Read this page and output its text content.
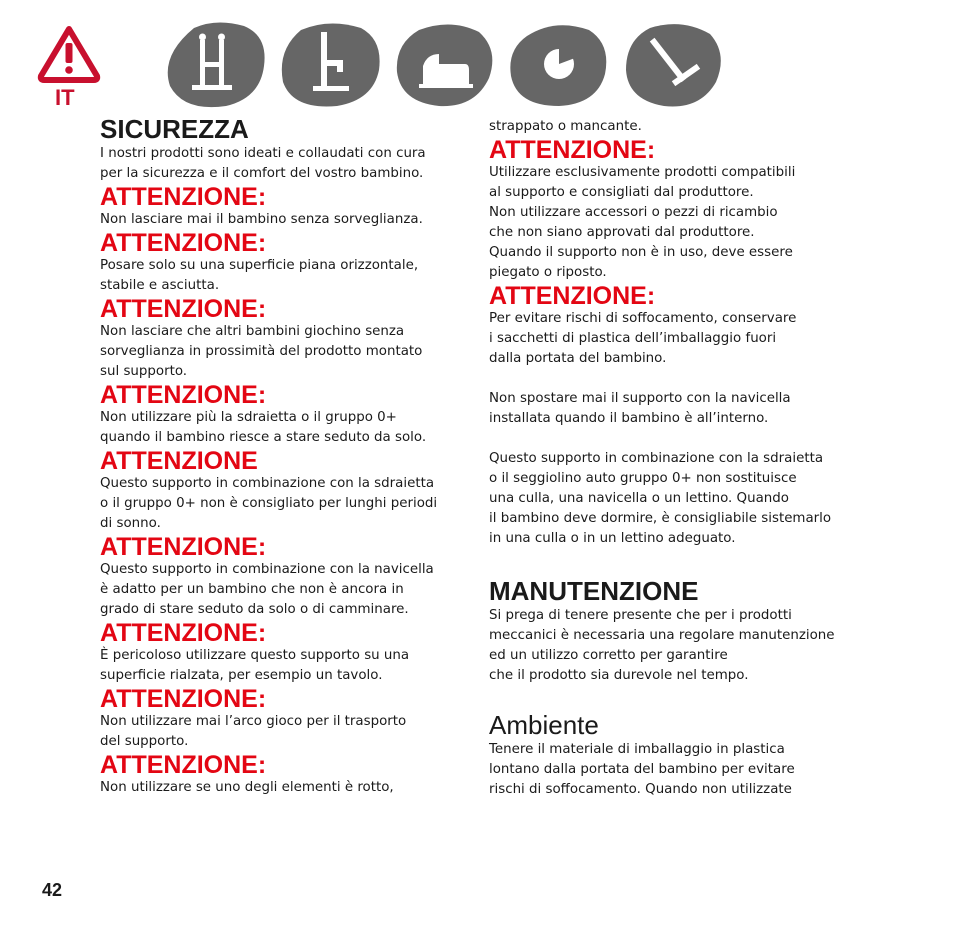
IT
SICUREZZA

I nostri prodotti sono ideati e collaudati con cura
per la sicurezza e il comfort del vostro bambino.

ATTENZIONE:

Non lasciare mai il bambino senza sorveglianza.

ATTENZIONE:

Posare solo su una superficie piana orizzontale,
stabile e asciutta.

ATTENZIONE:

Non lasciare che altri bambini giochino senza
sorveglianza in prossimità del prodotto montato
sul supporto.

ATTENZIONE:

Non utilizzare più la sdraietta o il gruppo 0+
quando il bambino riesce a stare seduto da solo.

ATTENZIONE

Questo supporto in combinazione con la sdraietta
o il gruppo 0+ non è consigliato per lunghi periodi
di sonno.

ATTENZIONE:

Questo supporto in combinazione con la navicella
è adatto per un bambino che non è ancora in
grado di stare seduto da solo o di camminare.

ATTENZIONE:

È pericoloso utilizzare questo supporto su una
superficie rialzata, per esempio un tavolo.

ATTENZIONE:

Non utilizzare mai l’arco gioco per il trasporto
del supporto.

ATTENZIONE:

Non utilizzare se uno degli elementi è rotto,

strappato o mancante.

ATTENZIONE:

Utilizzare esclusivamente prodotti compatibili
al supporto e consigliati dal produttore.
Non utilizzare accessori o pezzi di ricambio
che non siano approvati dal produttore.
Quando il supporto non è in uso, deve essere
piegato o riposto.

ATTENZIONE:

Per evitare rischi di soffocamento, conservare
i sacchetti di plastica dell’imballaggio fuori
dalla portata del bambino.

Non spostare mai il supporto con la navicella
installata quando il bambino è all’interno.

Questo supporto in combinazione con la sdraietta
o il seggiolino auto gruppo 0+ non sostituisce
una culla, una navicella o un lettino. Quando
il bambino deve dormire, è consigliabile sistemarlo
in una culla o in un lettino adeguato.

MANUTENZIONE

Si prega di tenere presente che per i prodotti
meccanici è necessaria una regolare manutenzione
ed un utilizzo corretto per garantire
che il prodotto sia durevole nel tempo.

Ambiente

Tenere il materiale di imballaggio in plastica
lontano dalla portata del bambino per evitare
rischi di soffocamento. Quando non utilizzate

42
